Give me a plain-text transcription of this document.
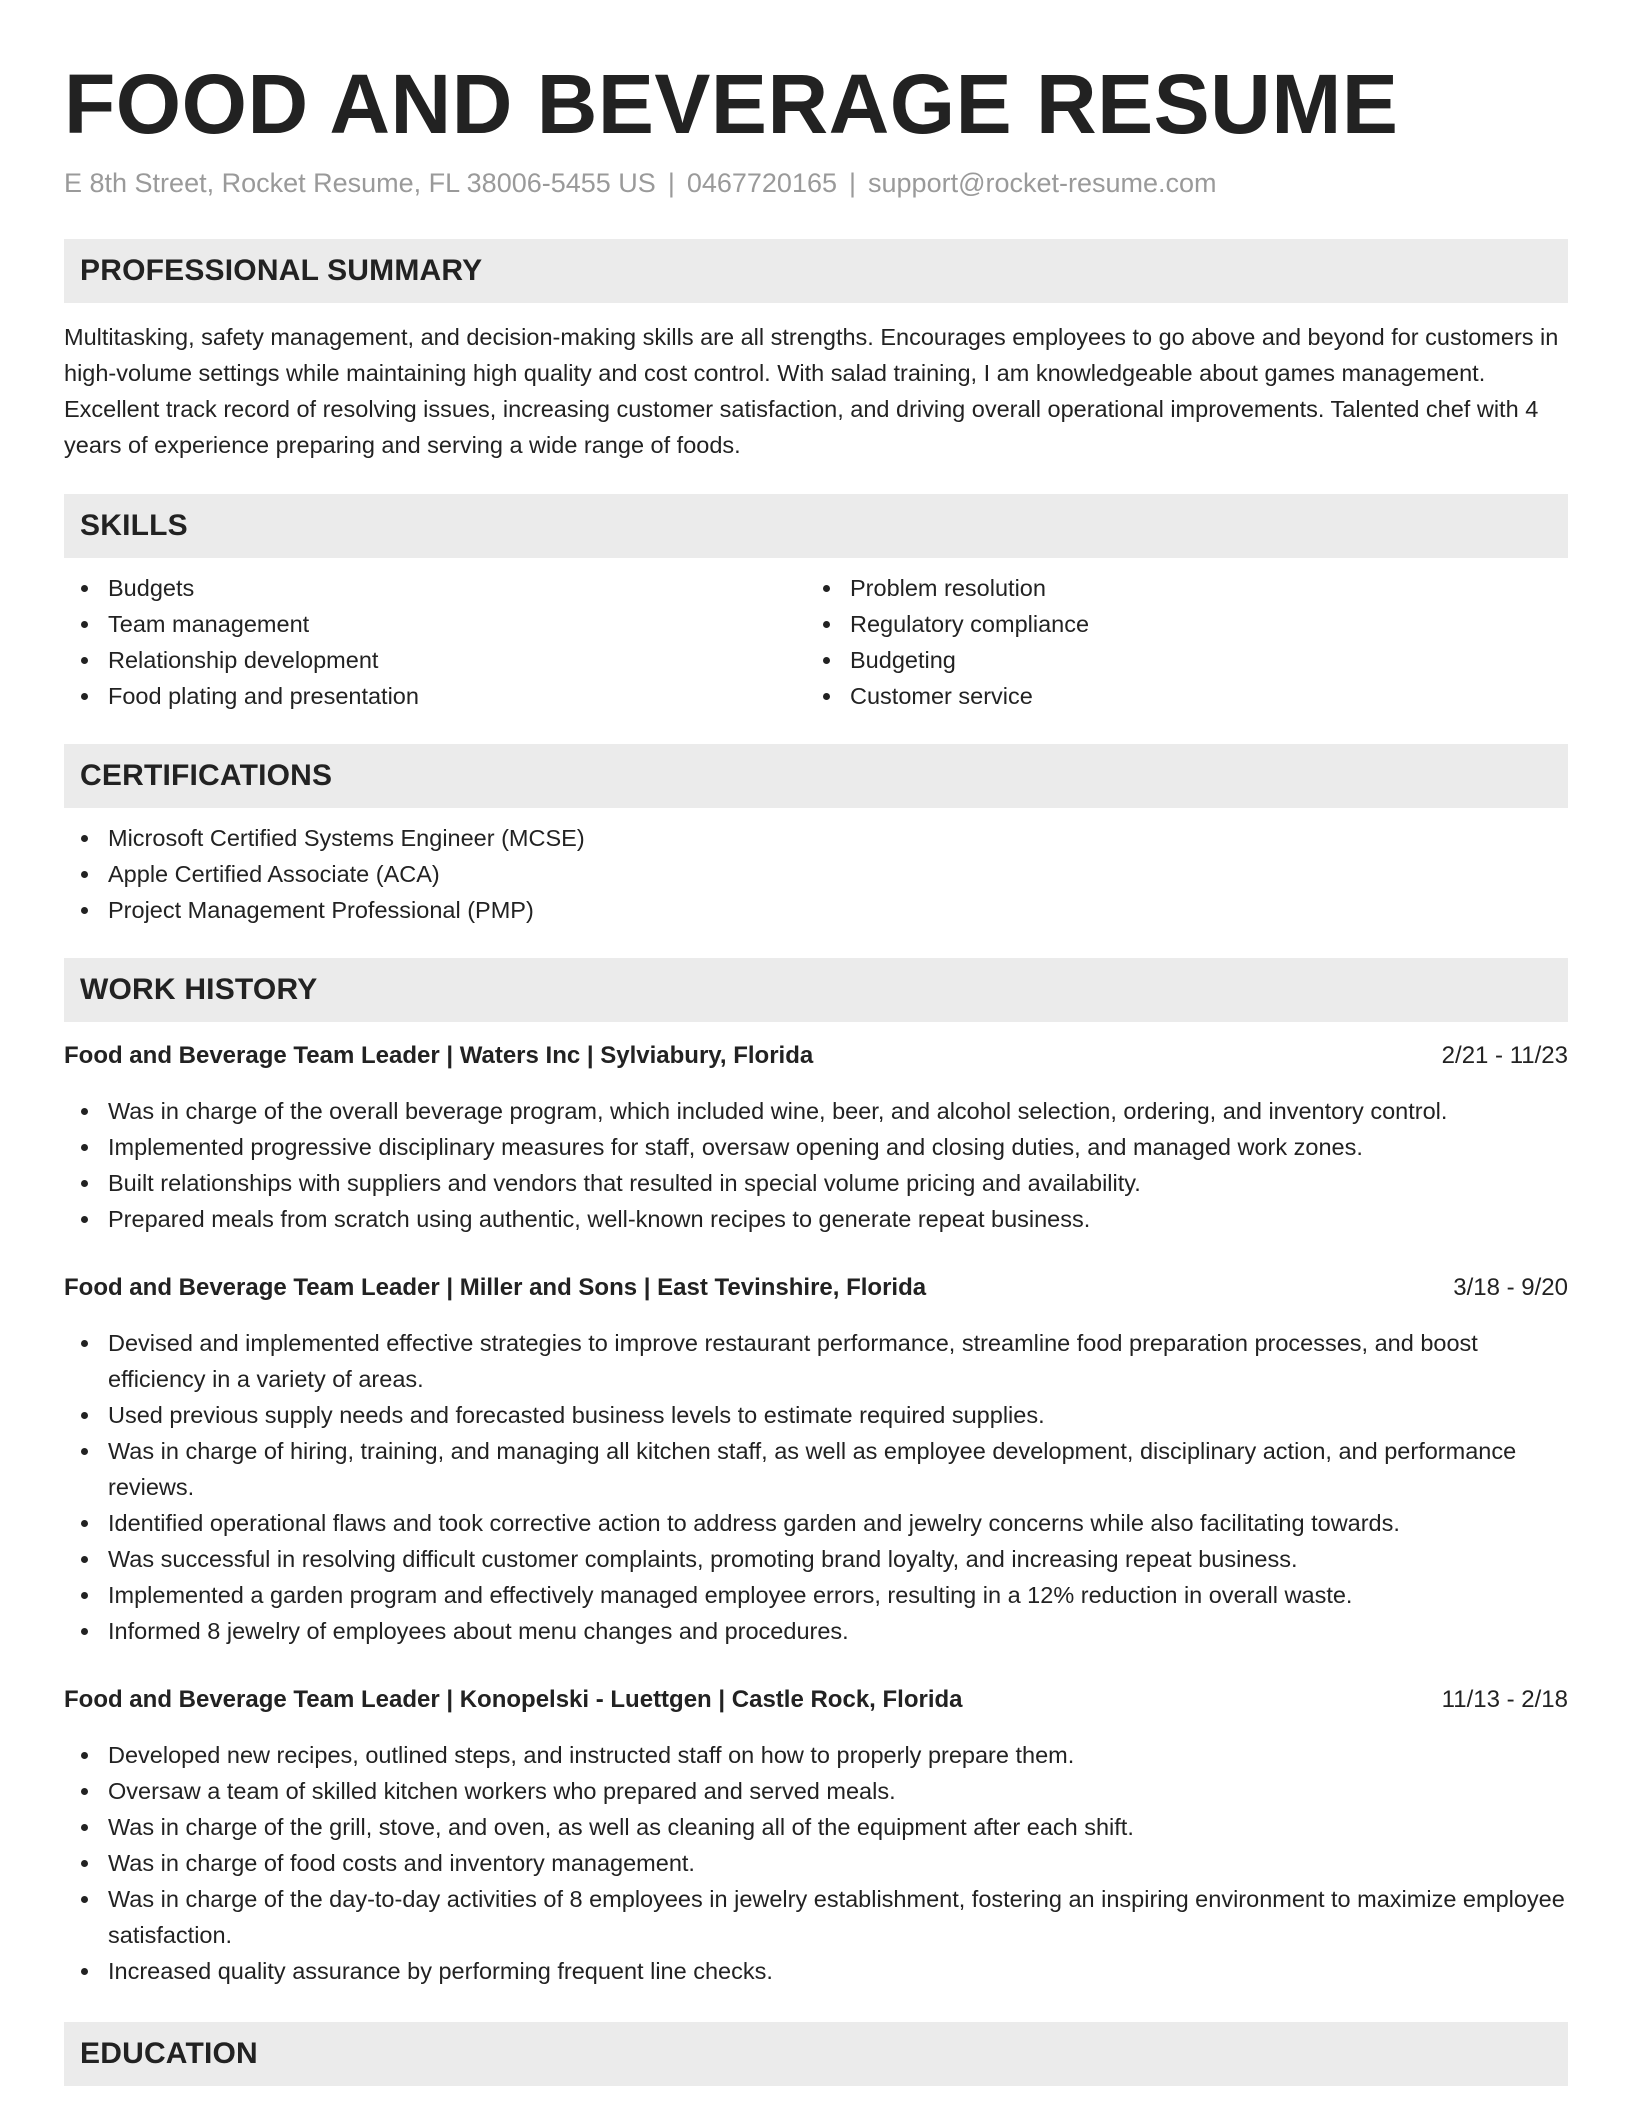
FOOD AND BEVERAGE RESUME
E 8th Street, Rocket Resume, FL 38006-5455 US | 0467720165 | support@rocket-resume.com
PROFESSIONAL SUMMARY

Multitasking, safety management, and decision-making skills are all strengths. Encourages employees to go above and beyond for customers in high-volume settings while maintaining high quality and cost control. With salad training, I am knowledgeable about games management. Excellent track record of resolving issues, increasing customer satisfaction, and driving overall operational improvements. Talented chef with 4 years of experience preparing and serving a wide range of foods.

SKILLS
Budgets
Team management
Relationship development
Food plating and presentation
Problem resolution
Regulatory compliance
Budgeting
Customer service
CERTIFICATIONS
Microsoft Certified Systems Engineer (MCSE)
Apple Certified Associate (ACA)
Project Management Professional (PMP)
WORK HISTORY
Food and Beverage Team Leader | Waters Inc | Sylviabury, Florida	2/21 - 11/23
Was in charge of the overall beverage program, which included wine, beer, and alcohol selection, ordering, and inventory control.
Implemented progressive disciplinary measures for staff, oversaw opening and closing duties, and managed work zones.
Built relationships with suppliers and vendors that resulted in special volume pricing and availability.
Prepared meals from scratch using authentic, well-known recipes to generate repeat business.
Food and Beverage Team Leader | Miller and Sons | East Tevinshire, Florida	3/18 - 9/20
Devised and implemented effective strategies to improve restaurant performance, streamline food preparation processes, and boost efficiency in a variety of areas.
Used previous supply needs and forecasted business levels to estimate required supplies.
Was in charge of hiring, training, and managing all kitchen staff, as well as employee development, disciplinary action, and performance reviews.
Identified operational flaws and took corrective action to address garden and jewelry concerns while also facilitating towards.
Was successful in resolving difficult customer complaints, promoting brand loyalty, and increasing repeat business.
Implemented a garden program and effectively managed employee errors, resulting in a 12% reduction in overall waste.
Informed 8 jewelry of employees about menu changes and procedures.
Food and Beverage Team Leader | Konopelski - Luettgen | Castle Rock, Florida	11/13 - 2/18
Developed new recipes, outlined steps, and instructed staff on how to properly prepare them.
Oversaw a team of skilled kitchen workers who prepared and served meals.
Was in charge of the grill, stove, and oven, as well as cleaning all of the equipment after each shift.
Was in charge of food costs and inventory management.
Was in charge of the day-to-day activities of 8 employees in jewelry establishment, fostering an inspiring environment to maximize employee satisfaction.
Increased quality assurance by performing frequent line checks.
EDUCATION
